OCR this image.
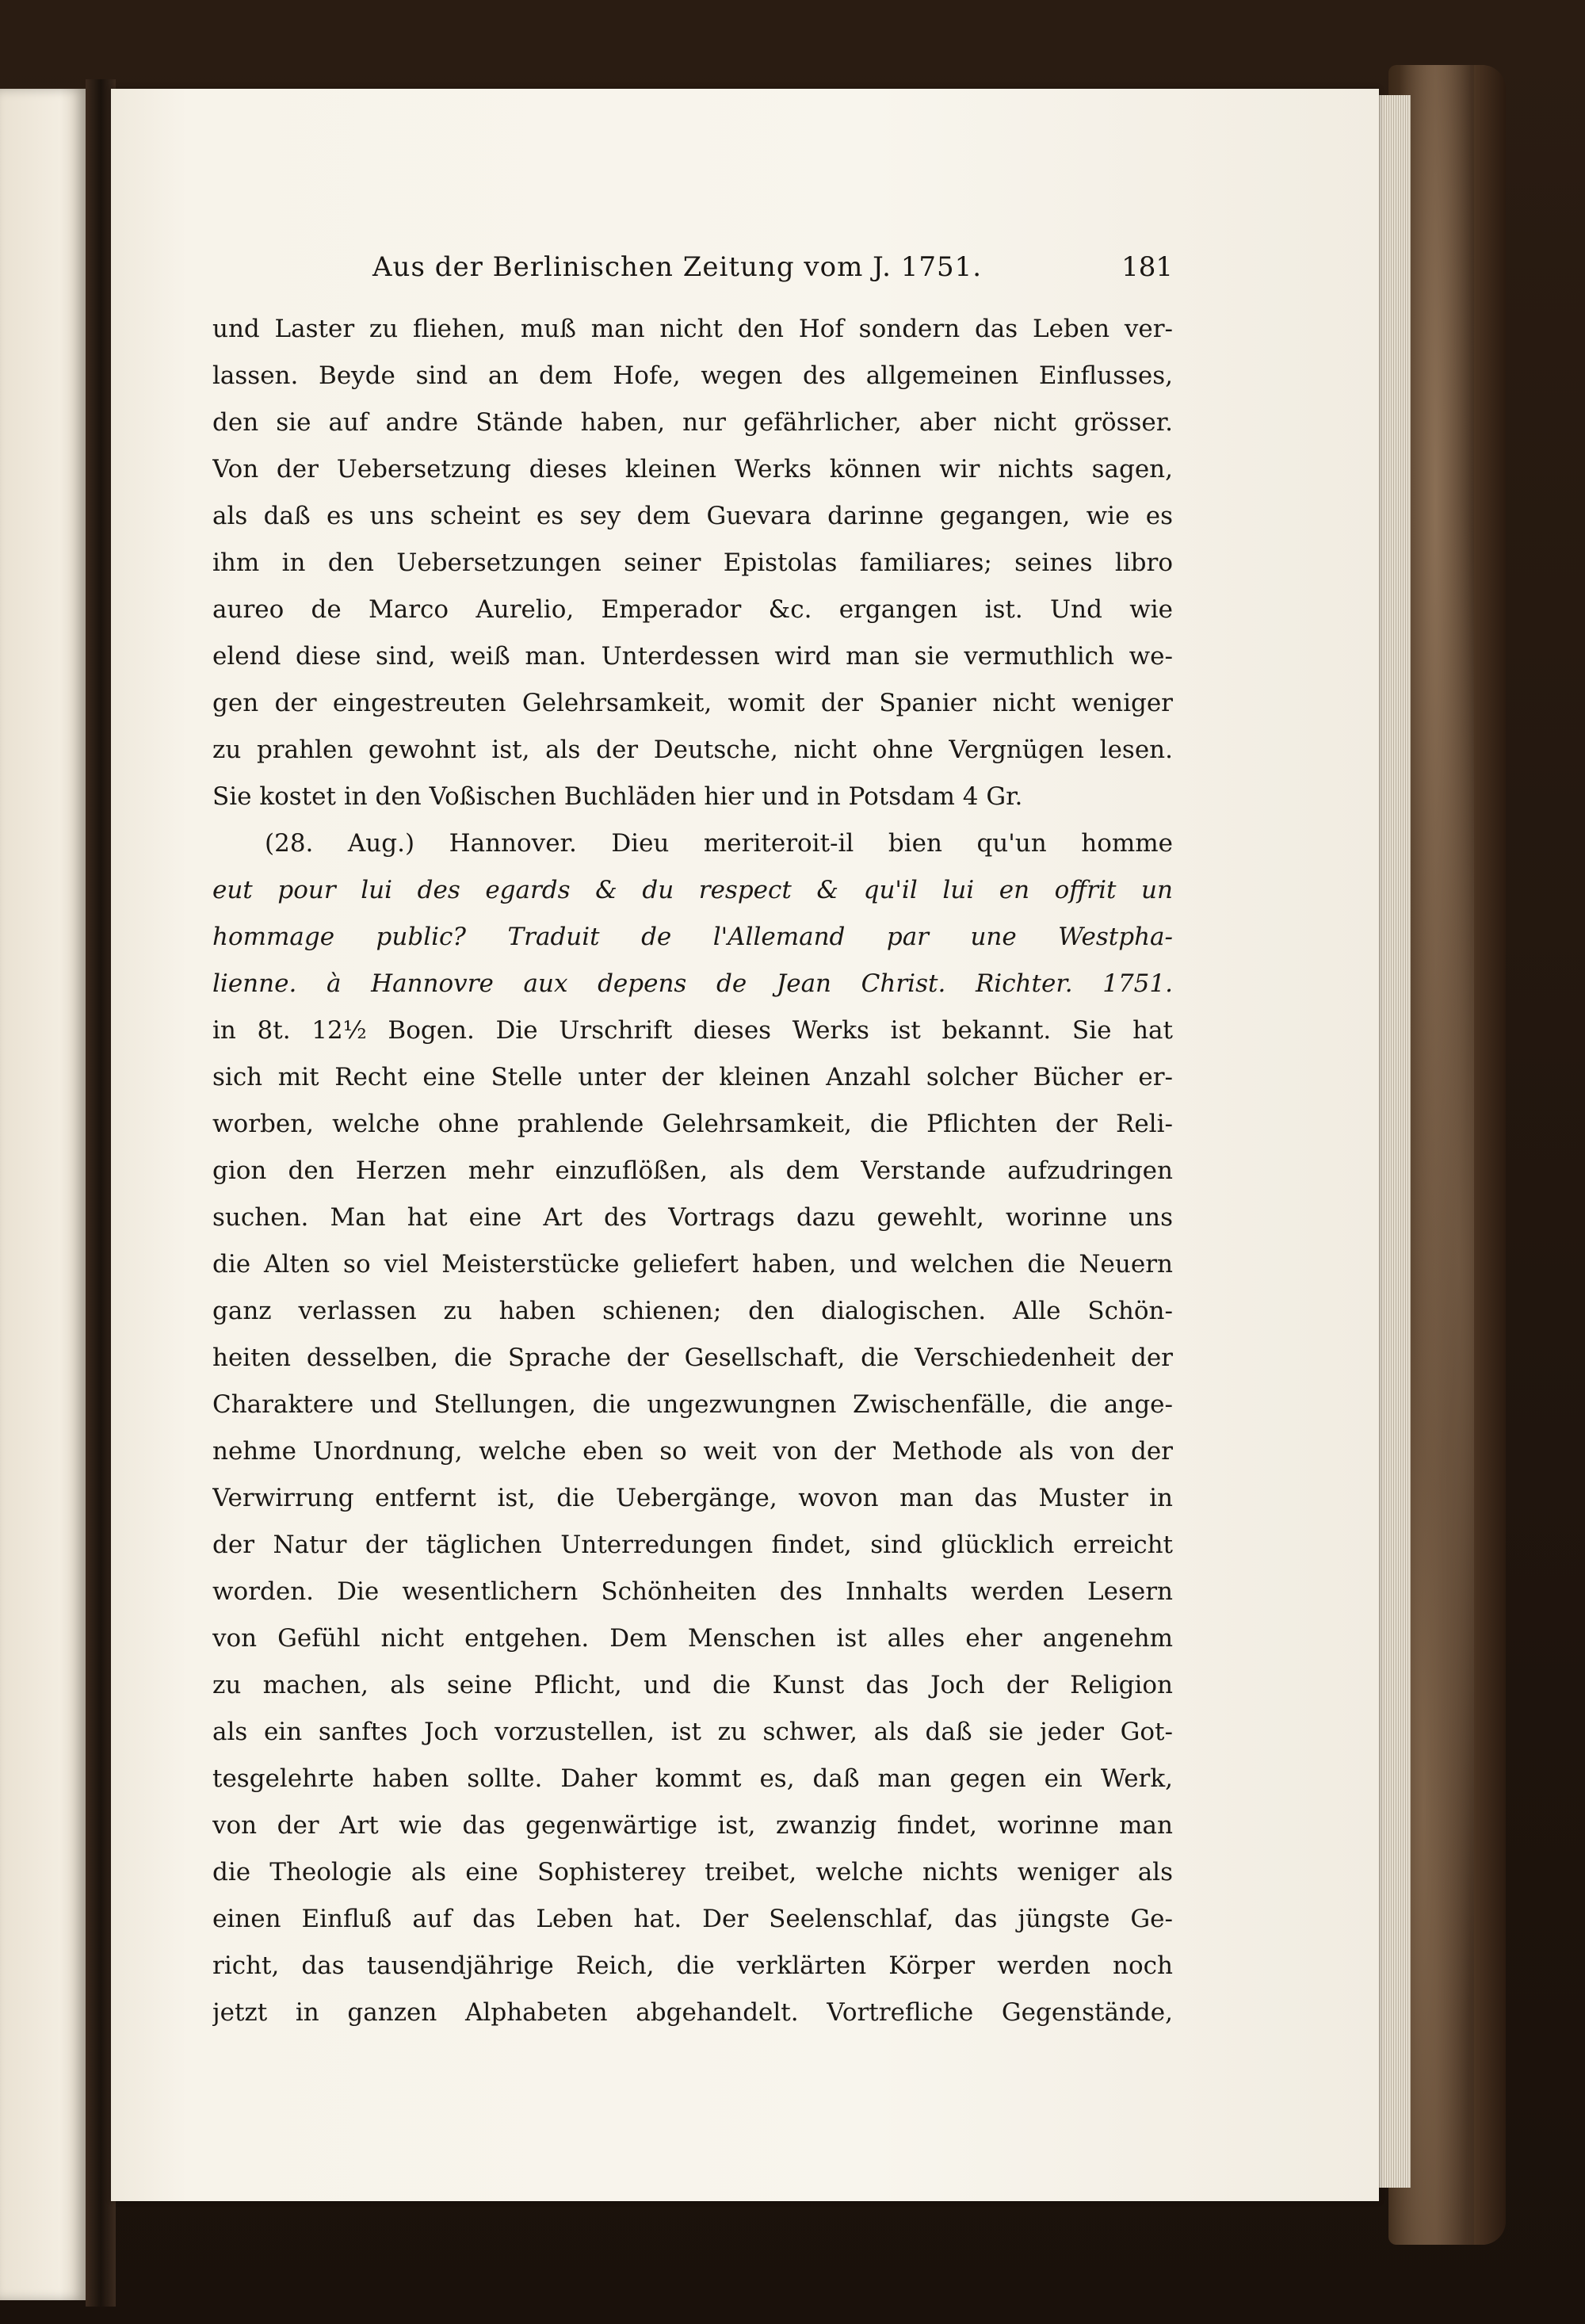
Aus der Berlinischen Zeitung vom J. 1751.	181
und Laster zu fliehen, muß man nicht den Hof sondern das Leben ver-
lassen. Beyde sind an dem Hofe, wegen des allgemeinen Einflusses,
den sie auf andre Stände haben, nur gefährlicher, aber nicht grösser.
Von der Uebersetzung dieses kleinen Werks können wir nichts sagen,
als daß es uns scheint es sey dem Guevara darinne gegangen, wie es
ihm in den Uebersetzungen seiner Epistolas familiares; seines libro
aureo de Marco Aurelio, Emperador &c. ergangen ist. Und wie
elend diese sind, weiß man. Unterdessen wird man sie vermuthlich we-
gen der eingestreuten Gelehrsamkeit, womit der Spanier nicht weniger
zu prahlen gewohnt ist, als der Deutsche, nicht ohne Vergnügen lesen.
Sie kostet in den Voßischen Buchläden hier und in Potsdam 4 Gr.
(28. Aug.) Hannover. Dieu meriteroit-il bien qu'un homme
eut pour lui des egards & du respect & qu'il lui en offrit un
hommage public? Traduit de l'Allemand par une Westpha-
lienne. à Hannovre aux depens de Jean Christ. Richter. 1751.
in 8t. 12½ Bogen. Die Urschrift dieses Werks ist bekannt. Sie hat
sich mit Recht eine Stelle unter der kleinen Anzahl solcher Bücher er-
worben, welche ohne prahlende Gelehrsamkeit, die Pflichten der Reli-
gion den Herzen mehr einzuflößen, als dem Verstande aufzudringen
suchen. Man hat eine Art des Vortrags dazu gewehlt, worinne uns
die Alten so viel Meisterstücke geliefert haben, und welchen die Neuern
ganz verlassen zu haben schienen; den dialogischen. Alle Schön-
heiten desselben, die Sprache der Gesellschaft, die Verschiedenheit der
Charaktere und Stellungen, die ungezwungnen Zwischenfälle, die ange-
nehme Unordnung, welche eben so weit von der Methode als von der
Verwirrung entfernt ist, die Uebergänge, wovon man das Muster in
der Natur der täglichen Unterredungen findet, sind glücklich erreicht
worden. Die wesentlichern Schönheiten des Innhalts werden Lesern
von Gefühl nicht entgehen. Dem Menschen ist alles eher angenehm
zu machen, als seine Pflicht, und die Kunst das Joch der Religion
als ein sanftes Joch vorzustellen, ist zu schwer, als daß sie jeder Got-
tesgelehrte haben sollte. Daher kommt es, daß man gegen ein Werk,
von der Art wie das gegenwärtige ist, zwanzig findet, worinne man
die Theologie als eine Sophisterey treibet, welche nichts weniger als
einen Einfluß auf das Leben hat. Der Seelenschlaf, das jüngste Ge-
richt, das tausendjährige Reich, die verklärten Körper werden noch
jetzt in ganzen Alphabeten abgehandelt. Vortrefliche Gegenstände,
